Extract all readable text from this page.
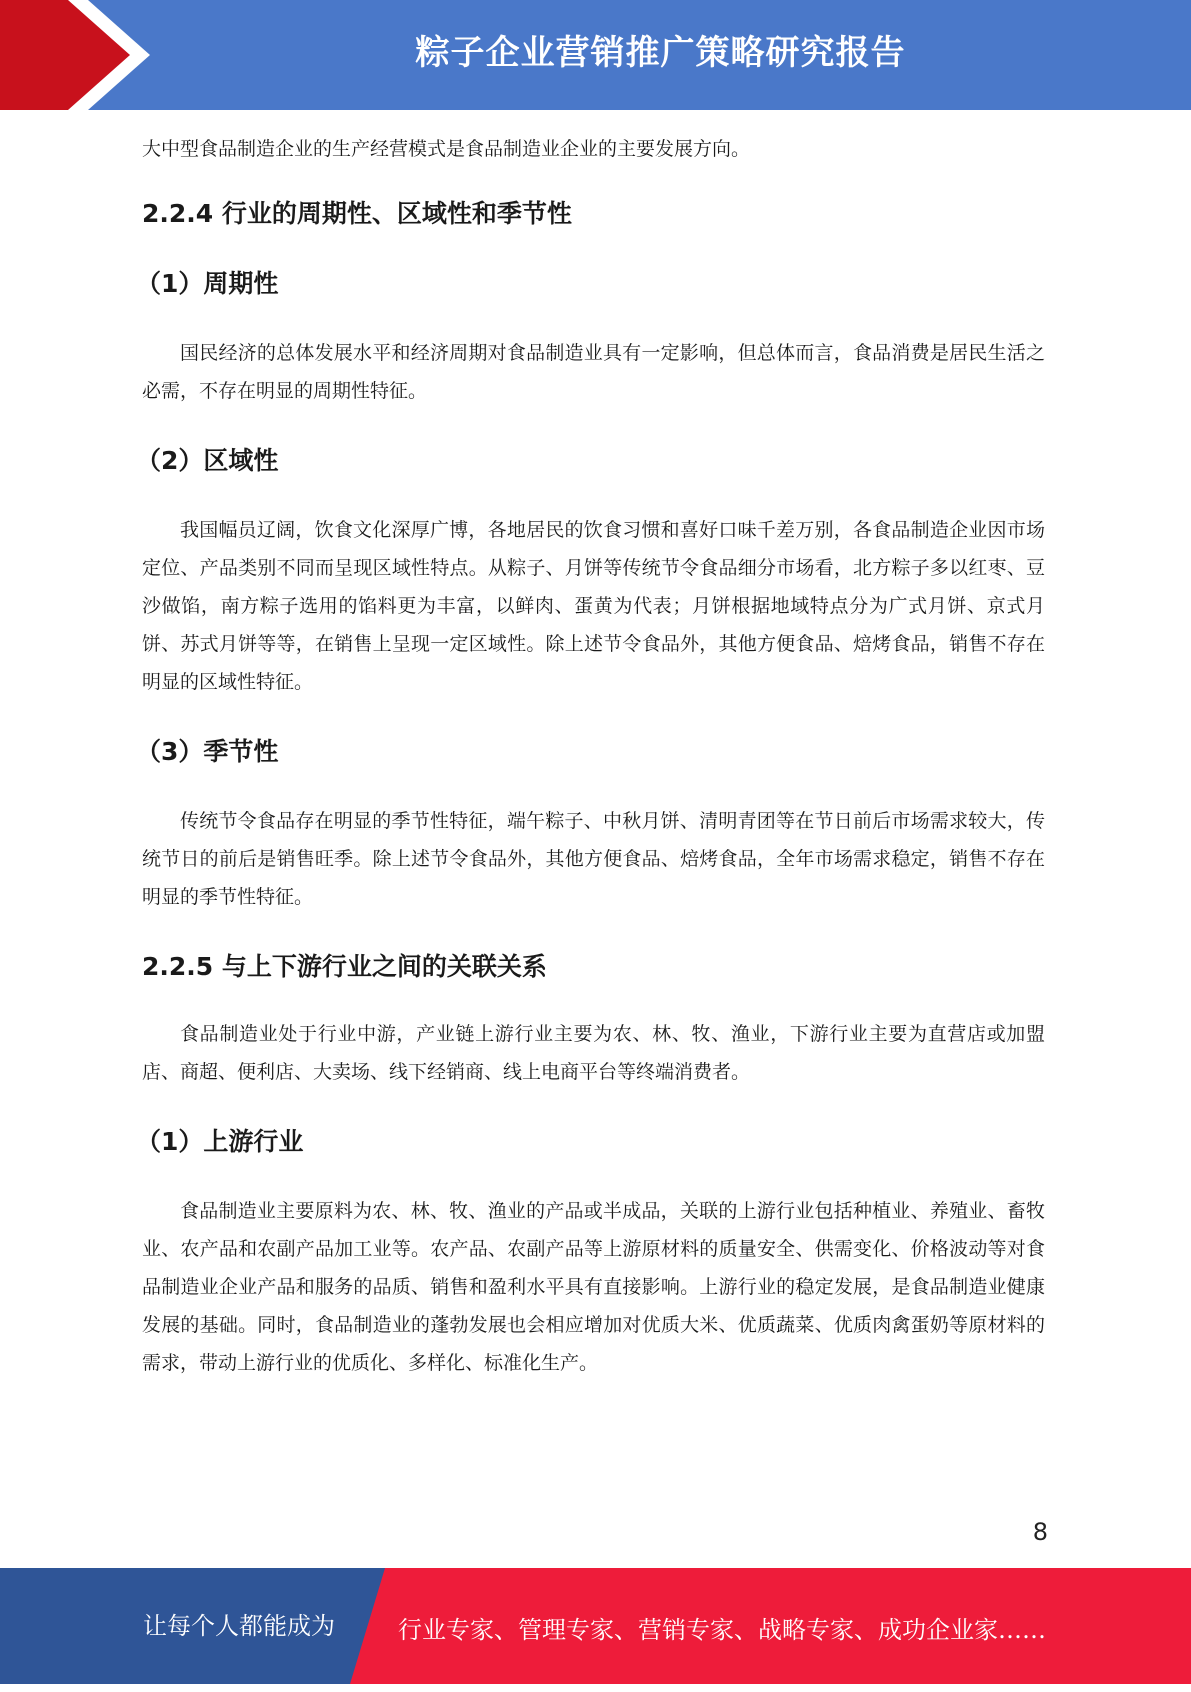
粽子企业营销推广策略研究报告

大中型食品制造企业的生产经营模式是食品制造业企业的主要发展方向。

2.2.4 行业的周期性、区域性和季节性
（1）周期性

国民经济的总体发展水平和经济周期对食品制造业具有一定影响，但总体而言，食品消费是居民生活之必需，不存在明显的周期性特征。

（2）区域性

我国幅员辽阔，饮食文化深厚广博，各地居民的饮食习惯和喜好口味千差万别，各食品制造企业因市场定位、产品类别不同而呈现区域性特点。从粽子、月饼等传统节令食品细分市场看，北方粽子多以红枣、豆沙做馅，南方粽子选用的馅料更为丰富，以鲜肉、蛋黄为代表；月饼根据地域特点分为广式月饼、京式月饼、苏式月饼等等，在销售上呈现一定区域性。除上述节令食品外，其他方便食品、焙烤食品，销售不存在明显的区域性特征。

（3）季节性

传统节令食品存在明显的季节性特征，端午粽子、中秋月饼、清明青团等在节日前后市场需求较大，传统节日的前后是销售旺季。除上述节令食品外，其他方便食品、焙烤食品，全年市场需求稳定，销售不存在明显的季节性特征。

2.2.5 与上下游行业之间的关联关系

食品制造业处于行业中游，产业链上游行业主要为农、林、牧、渔业，下游行业主要为直营店或加盟店、商超、便利店、大卖场、线下经销商、线上电商平台等终端消费者。

（1）上游行业

食品制造业主要原料为农、林、牧、渔业的产品或半成品，关联的上游行业包括种植业、养殖业、畜牧业、农产品和农副产品加工业等。农产品、农副产品等上游原材料的质量安全、供需变化、价格波动等对食品制造业企业产品和服务的品质、销售和盈利水平具有直接影响。上游行业的稳定发展，是食品制造业健康发展的基础。同时，食品制造业的蓬勃发展也会相应增加对优质大米、优质蔬菜、优质肉禽蛋奶等原材料的需求，带动上游行业的优质化、多样化、标准化生产。

8
让每个人都能成为	行业专家、管理专家、营销专家、战略专家、成功企业家……
